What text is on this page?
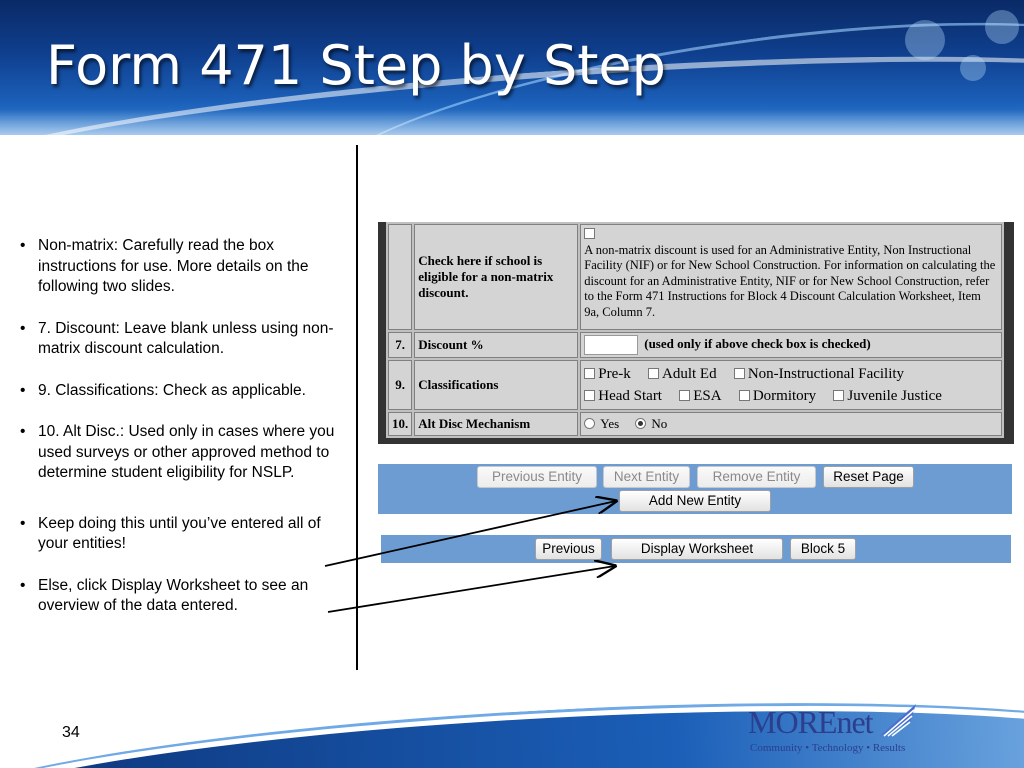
Form 471 Step by Step
• Non-matrix: Carefully read the box instructions for use. More details on the following two slides.
• 7. Discount: Leave blank unless using non-matrix discount calculation.
• 9. Classifications: Check as applicable.
• 10. Alt Disc.: Used only in cases where you used surveys or other approved method to determine student eligibility for NSLP.
• Keep doing this until you’ve entered all of your entities!
• Else, click Display Worksheet to see an overview of the data entered.
	Check here if school is eligible for a non-matrix discount.	A non-matrix discount is used for an Administrative Entity, Non Instructional Facility (NIF) or for New School Construction. For information on calculating the discount for an Administrative Entity, NIF or for New School Construction, refer to the Form 471 Instructions for Block 4 Discount Calculation Worksheet, Item 9a, Column 7.
7.	Discount %	(used only if above check box is checked)
9.	Classifications	Pre-k Adult Ed Non-Instructional Facility
Head Start ESA Dormitory Juvenile Justice
10.	Alt Disc Mechanism	Yes No
Previous Entity	Next Entity	Remove Entity	Reset Page
Add New Entity
Previous	Display Worksheet	Block 5
34	MOREnet
Community • Technology • Results
